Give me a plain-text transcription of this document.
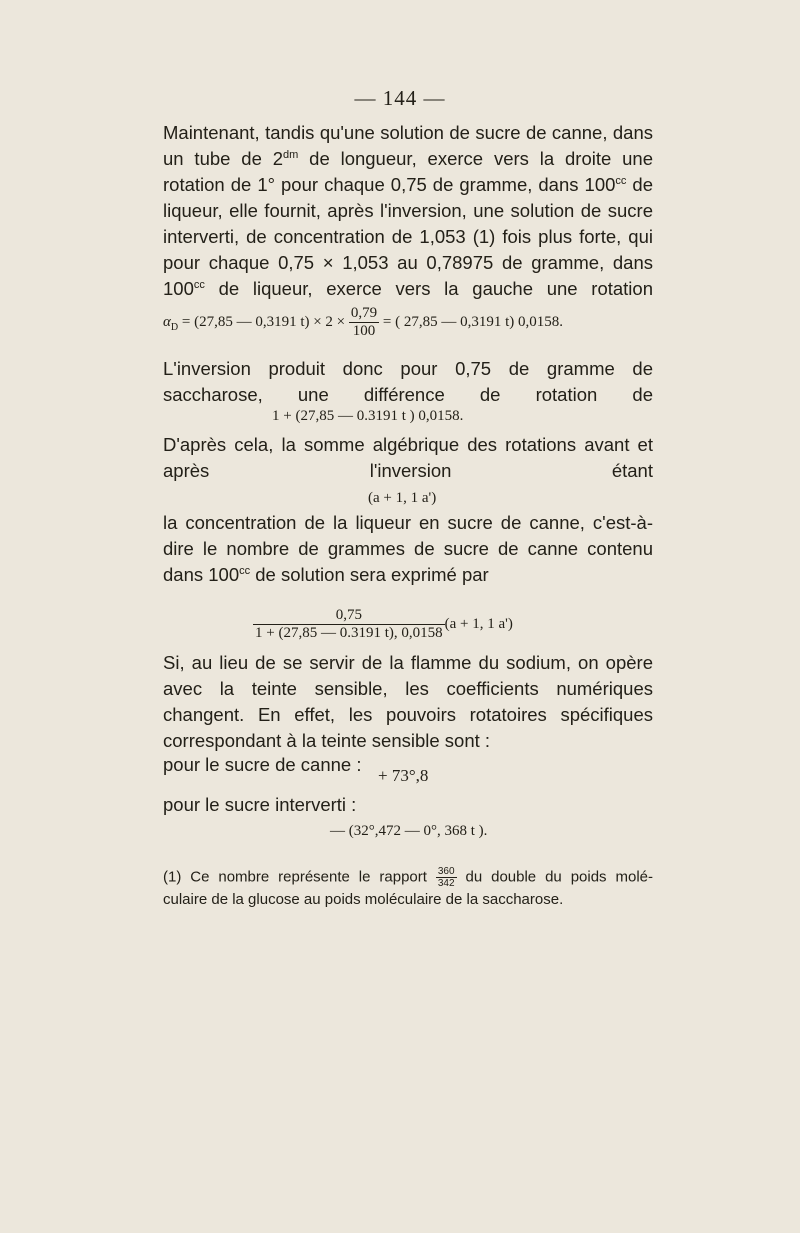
— 144 —
Maintenant, tandis qu'une solution de sucre de canne, dans un tube de $2^{dm}$ de longueur, exerce vers la droite une rotation de 1° pour chaque 0,75 de gramme, dans $100^{cc}$ de liqueur, elle fournit, après l'inversion, une solution de sucre interverti, de concentration de 1,053 (1) fois plus forte, qui pour chaque 0,75 × 1,053 au 0,78975 de gramme, dans $100^{cc}$ de liqueur, exerce vers la gauche une rotation
$\alpha_D = (27,85$ — 0,3191 $t) \times 2 \times \frac{0,79}{100}$ = ( 27,85 — 0,3191 t) 0,0158.
L'inversion produit donc pour 0,75 de gramme de saccharose, une différence de rotation de
1 + (27,85 — 0.3191 t ) 0,0158.
D'après cela, la somme algébrique des rotations avant et après l'inversion étant
(a + 1, 1 a')
la concentration de la liqueur en sucre de canne, c'est-à-dire le nombre de grammes de sucre de canne contenu dans $100^{cc}$ de solution sera exprimé par
$\frac{0,75}{1 + (27,85 — 0.3191 t), 0,0158} (a + 1$, 1 a')
Si, au lieu de se servir de la flamme du sodium, on opère avec la teinte sensible, les coefficients numériques changent. En effet, les pouvoirs rotatoires spécifiques correspondant à la teinte sensible sont :
pour le sucre de canne :
+ 73°,8
pour le sucre interverti :
— (32°,472 — 0°, 368 t ).
(1) Ce nombre représente le rapport $\frac{360}{342}$ du double du poids molé-
culaire de la glucose au poids moléculaire de la saccharose.
